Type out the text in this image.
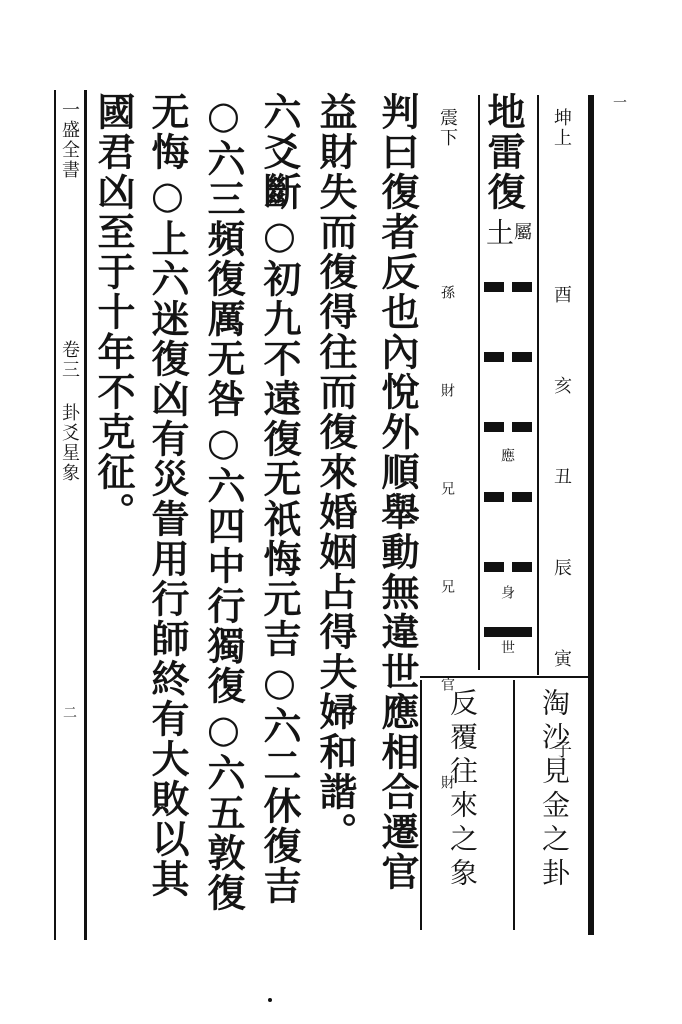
一盛全書
卷三 卦爻星象
二
一
坤上
震下
酉 亥 丑 辰 寅 子
孫 財 兄 兄 官 財
地雷復
土
屬
應
身
世
淘沙見金之卦
反覆往來之象
判曰復者反也內悅外順舉動無違世應相合遷官
益財失而復得往而復來婚姻占得夫婦和諧。
六爻斷○初九不遠復无祇悔元吉○六二休復吉
○六三頻復厲无咎○六四中行獨復○六五敦復
无悔○上六迷復凶有災眚用行師終有大敗以其
國君凶至于十年不克征。
